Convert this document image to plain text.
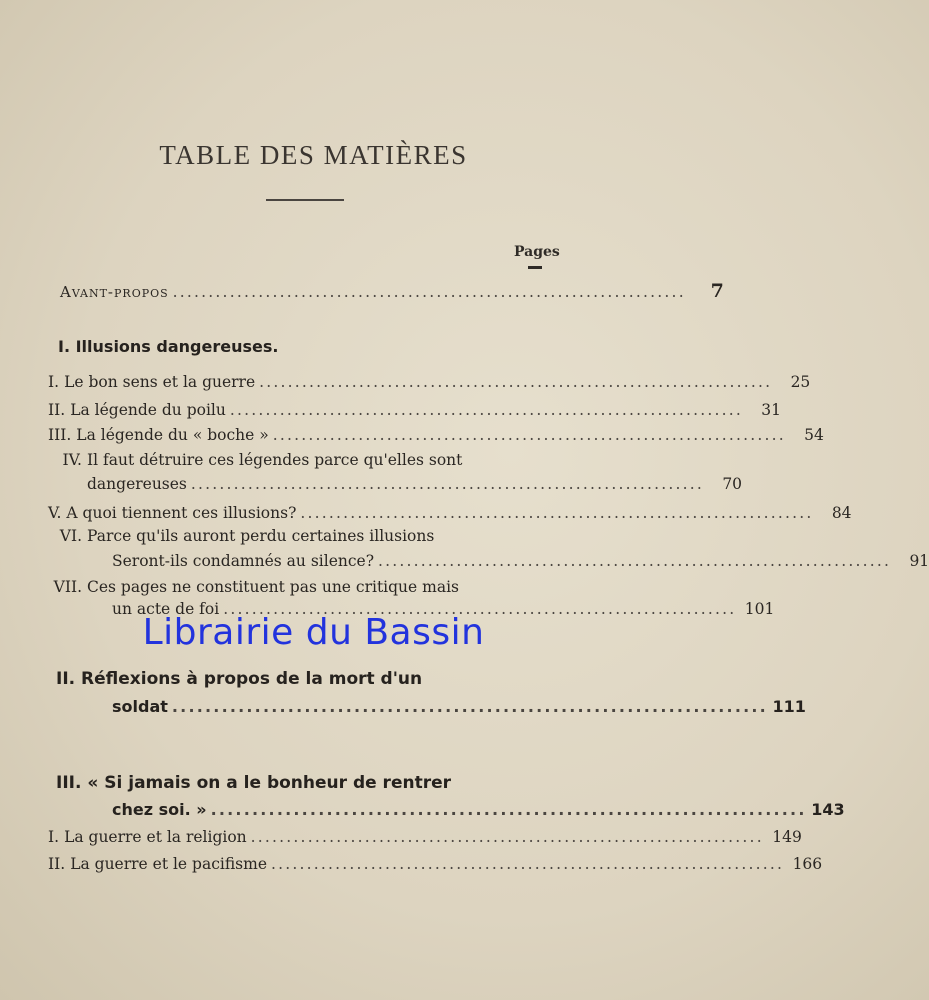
TABLE DES MATIÈRES
Pages
Avant-propos ........................................................................	7
I. Illusions dangereuses.
I. Le bon sens et la guerre ........................................................................	25
II. La légende du poilu ........................................................................	31
III. La légende du « boche » ........................................................................	54
IV. Il faut détruire ces légendes parce qu'elles sont
dangereuses ........................................................................	70
V. A quoi tiennent ces illusions? ........................................................................	84
VI. Parce qu'ils auront perdu certaines illusions
Seront-ils condamnés au silence? ........................................................................	91
VII. Ces pages ne constituent pas une critique mais
un acte de foi ........................................................................ 101
II. Réflexions à propos de la mort d'un
soldat ........................................................................ 111
III. « Si jamais on a le bonheur de rentrer
chez soi. » ........................................................................ 143
I. La guerre et la religion ........................................................................ 149
II. La guerre et le pacifisme ........................................................................ 166
Librairie du Bassin
